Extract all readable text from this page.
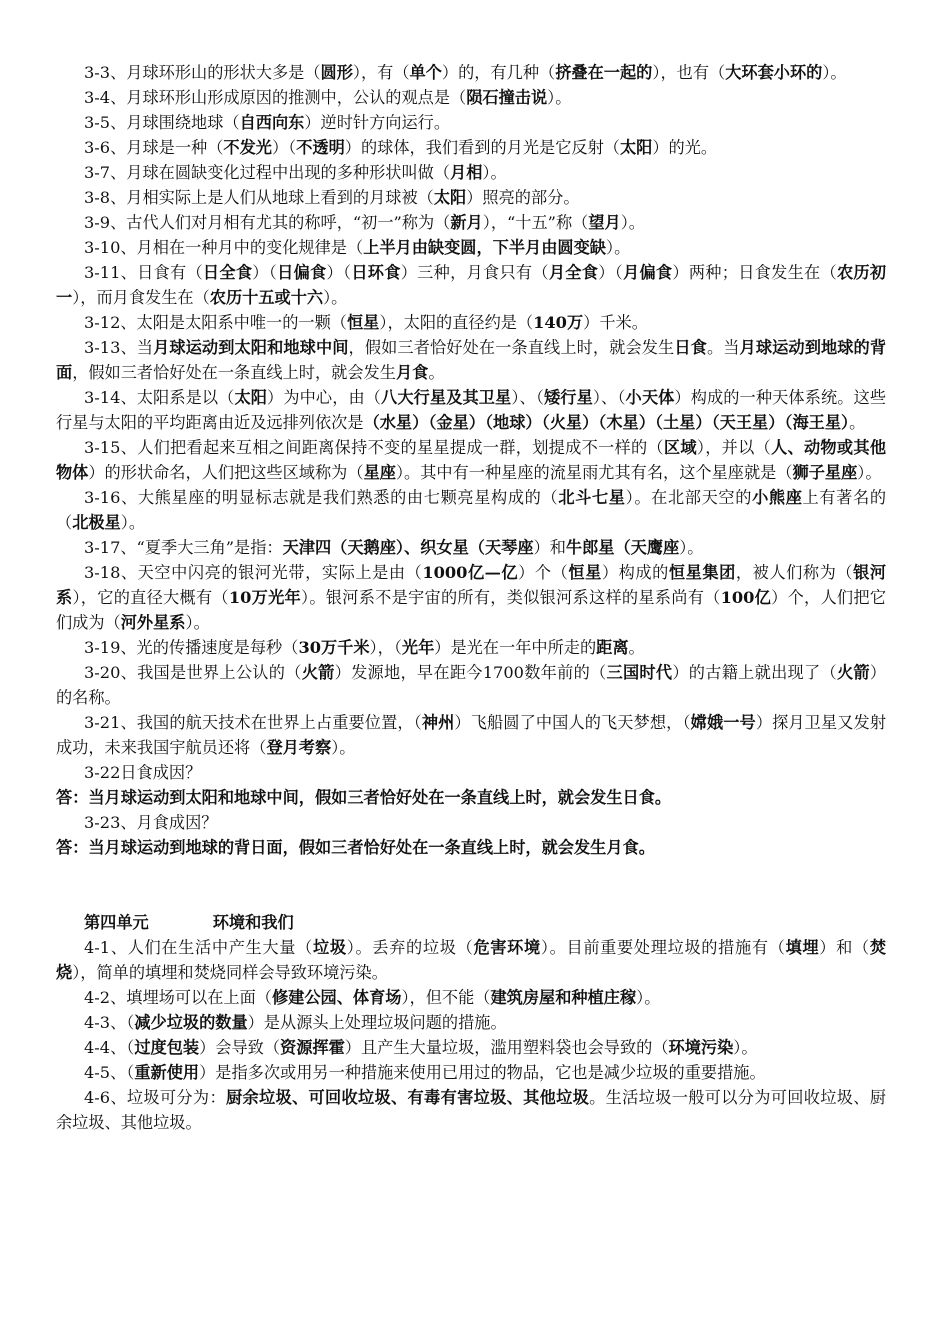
3-3、月球环形山的形状大多是（圆形），有（单个）的，有几种（挤叠在一起的），也有（大环套小环的）。

3-4、月球环形山形成原因的推测中，公认的观点是（陨石撞击说）。

3-5、月球围绕地球（自西向东）逆时针方向运行。

3-6、月球是一种（不发光）（不透明）的球体，我们看到的月光是它反射（太阳）的光。

3-7、月球在圆缺变化过程中出现的多种形状叫做（月相）。

3-8、月相实际上是人们从地球上看到的月球被（太阳）照亮的部分。

3-9、古代人们对月相有尤其的称呼，“初一”称为（新月），“十五”称（望月）。

3-10、月相在一种月中的变化规律是（上半月由缺变圆，下半月由圆变缺）。

3-11、日食有（日全食）（日偏食）（日环食）三种，月食只有（月全食）（月偏食）两种；日食发生在（农历初一），而月食发生在（农历十五或十六）。

3-12、太阳是太阳系中唯一的一颗（恒星），太阳的直径约是（140万）千米。

3-13、当月球运动到太阳和地球中间，假如三者恰好处在一条直线上时，就会发生日食。当月球运动到地球的背面，假如三者恰好处在一条直线上时，就会发生月食。

3-14、太阳系是以（太阳）为中心，由（八大行星及其卫星）、（矮行星）、（小天体）构成的一种天体系统。这些行星与太阳的平均距离由近及远排列依次是（水星）（金星）（地球）（火星）（木星）（土星）（天王星）（海王星）。

3-15、人们把看起来互相之间距离保持不变的星星提成一群，划提成不一样的（区域），并以（人、动物或其他物体）的形状命名，人们把这些区域称为（星座）。其中有一种星座的流星雨尤其有名，这个星座就是（狮子星座）。

3-16、大熊星座的明显标志就是我们熟悉的由七颗亮星构成的（北斗七星）。在北部天空的小熊座上有著名的（北极星）。

3-17、“夏季大三角”是指：天津四（天鹅座）、织女星（天琴座）和牛郎星（天鹰座）。

3-18、天空中闪亮的银河光带，实际上是由（1000亿—亿）个（恒星）构成的恒星集团，被人们称为（银河系），它的直径大概有（10万光年）。银河系不是宇宙的所有，类似银河系这样的星系尚有（100亿）个，人们把它们成为（河外星系）。

3-19、光的传播速度是每秒（30万千米），（光年）是光在一年中所走的距离。

3-20、我国是世界上公认的（火箭）发源地，早在距今1700数年前的（三国时代）的古籍上就出现了（火箭）的名称。

3-21、我国的航天技术在世界上占重要位置，（神州）飞船圆了中国人的飞天梦想，（嫦娥一号）探月卫星又发射成功，未来我国宇航员还将（登月考察）。

3-22日食成因？

答：当月球运动到太阳和地球中间，假如三者恰好处在一条直线上时，就会发生日食。

3-23、月食成因？

答：当月球运动到地球的背日面，假如三者恰好处在一条直线上时，就会发生月食。

第四单元	环境和我们

4-1、人们在生活中产生大量（垃圾）。丢弃的垃圾（危害环境）。目前重要处理垃圾的措施有（填埋）和（焚烧），简单的填埋和焚烧同样会导致环境污染。

4-2、填埋场可以在上面（修建公园、体育场），但不能（建筑房屋和种植庄稼）。

4-3、（减少垃圾的数量）是从源头上处理垃圾问题的措施。

4-4、（过度包装）会导致（资源挥霍）且产生大量垃圾，滥用塑料袋也会导致的（环境污染）。

4-5、（重新使用）是指多次或用另一种措施来使用已用过的物品，它也是减少垃圾的重要措施。

4-6、垃圾可分为：厨余垃圾、可回收垃圾、有毒有害垃圾、其他垃圾。生活垃圾一般可以分为可回收垃圾、厨余垃圾、其他垃圾。
